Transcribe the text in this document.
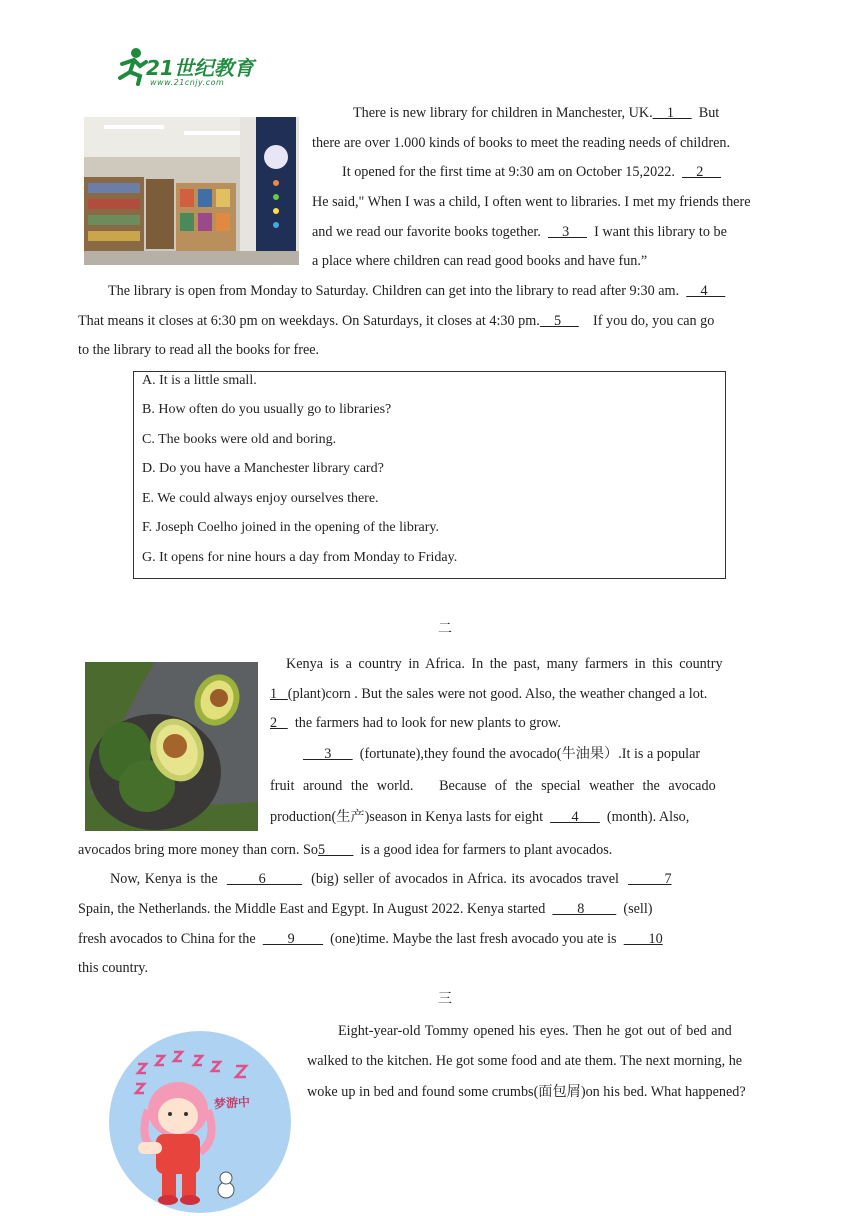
21世纪教育
www.21cnjy.com
There is new library for children in Manchester, UK.    1       But
there are over 1.000 kinds of books to meet the reading needs of children.
It opened for the first time at 9:30 am on October 15,2022.      2
He said," When I was a child, I often went to libraries. I met my friends there
and we read our favorite books together.      3       I want this library to be
a place where children can read good books and have fun.”
The library is open from Monday to Saturday. Children can get into the library to read after 9:30 am.      4
That means it closes at 6:30 pm on weekdays. On Saturdays, it closes at 4:30 pm.    5         If you do, you can go
to the library to read all the books for free.
A. It is a little small.
B. How often do you usually go to libraries?
C. The books were old and boring.
D. Do you have a Manchester library card?
E. We could always enjoy ourselves there.
F. Joseph Coelho joined in the opening of the library.
G. It opens for nine hours a day from Monday to Friday.
二
Kenya is a country in Africa. In the past, many farmers in this country
1   (plant)corn . But the sales were not good. Also, the weather changed a lot.
2     the farmers had to look for new plants to grow.
3        (fortunate),they found the avocado(牛油果）.It is a popular
fruit around the world.   Because of the special weather the avocado
production(生产)season in Kenya lasts for eight        4        (month). Also,
avocados bring more money than corn. So5          is a good idea for farmers to plant avocados.
Now, Kenya is the         6          (big) seller of avocados in Africa. its avocados travel          7
Spain, the Netherlands. the Middle East and Egypt. In August 2022. Kenya started         8           (sell)
fresh avocados to China for the         9          (one)time. Maybe the last fresh avocado you ate is         10
this country.
三
梦游中
Eight-year-old Tommy opened his eyes. Then he got out of bed and
walked to the kitchen. He got some food and ate them. The next morning, he
woke up in bed and found some crumbs(面包屑)on his bed. What happened?
